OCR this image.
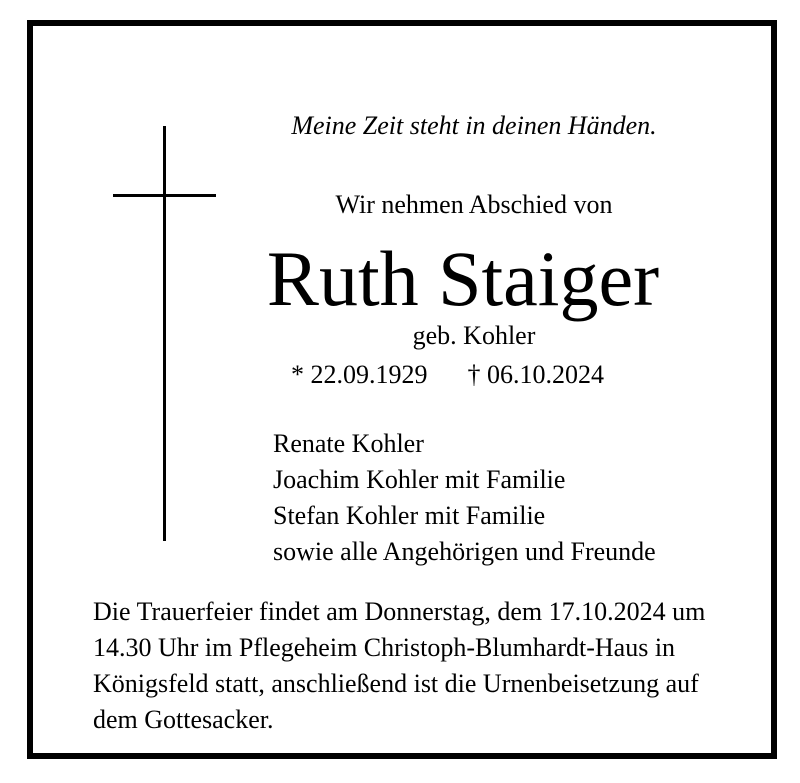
Meine Zeit steht in deinen Händen.
Wir nehmen Abschied von
Ruth Staiger
geb. Kohler
* 22.09.1929 † 06.10.2024
Renate Kohler
Joachim Kohler mit Familie
Stefan Kohler mit Familie
sowie alle Angehörigen und Freunde

Die Trauerfeier findet am Donnerstag, dem 17.10.2024 um
14.30 Uhr im Pflegeheim Christoph-Blumhardt-Haus in
Königsfeld statt, anschließend ist die Urnenbeisetzung auf
dem Gottesacker.
